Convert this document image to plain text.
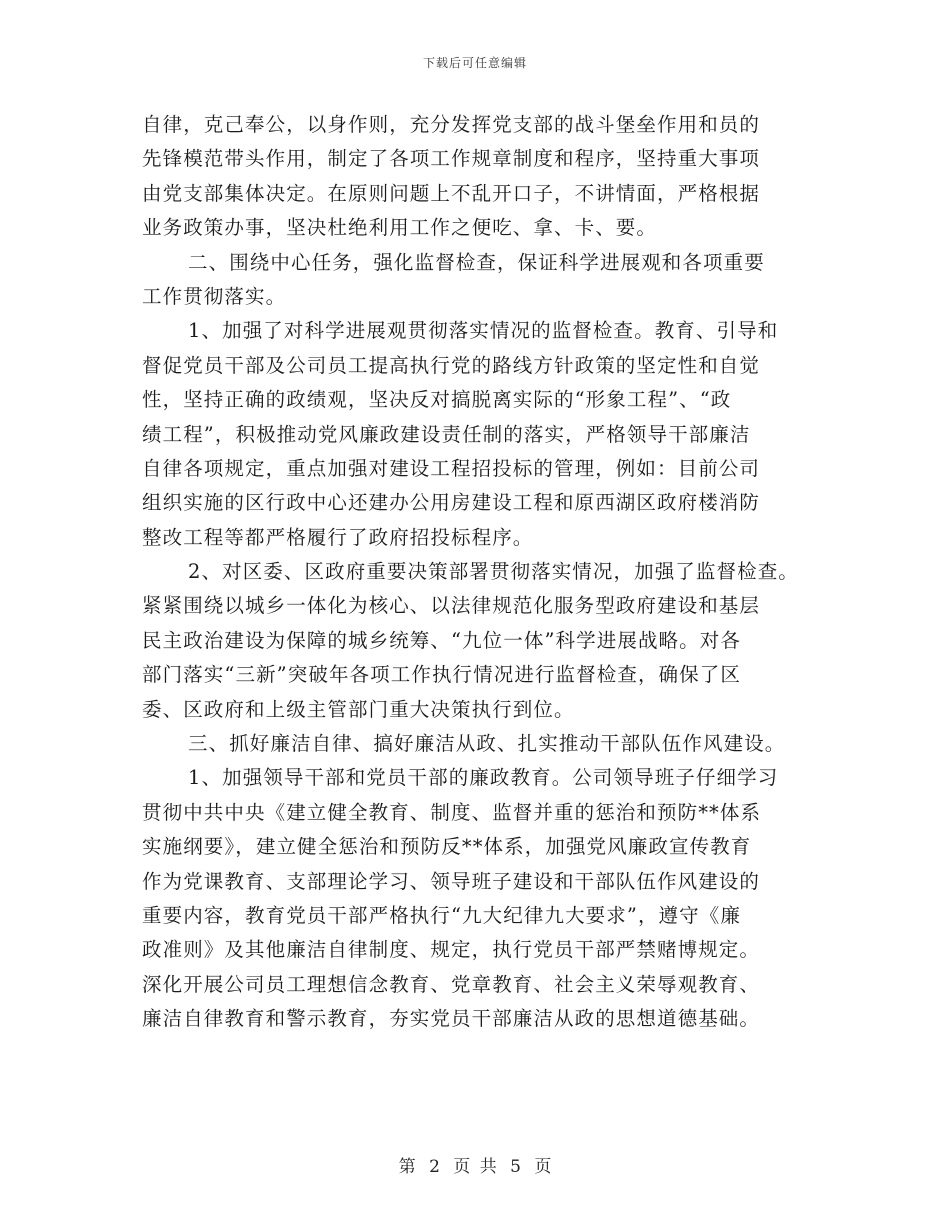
下载后可任意编辑
自律，克己奉公，以身作则，充分发挥党支部的战斗堡垒作用和员的
先锋模范带头作用，制定了各项工作规章制度和程序，坚持重大事项
由党支部集体决定。在原则问题上不乱开口子，不讲情面，严格根据
业务政策办事，坚决杜绝利用工作之便吃、拿、卡、要。
二、围绕中心任务，强化监督检查，保证科学进展观和各项重要
工作贯彻落实。
1、加强了对科学进展观贯彻落实情况的监督检查。教育、引导和
督促党员干部及公司员工提高执行党的路线方针政策的坚定性和自觉
性，坚持正确的政绩观，坚决反对搞脱离实际的“形象工程”、“政
绩工程”，积极推动党风廉政建设责任制的落实，严格领导干部廉洁
自律各项规定，重点加强对建设工程招投标的管理，例如：目前公司
组织实施的区行政中心还建办公用房建设工程和原西湖区政府楼消防
整改工程等都严格履行了政府招投标程序。
2、对区委、区政府重要决策部署贯彻落实情况，加强了监督检查。
紧紧围绕以城乡一体化为核心、以法律规范化服务型政府建设和基层
民主政治建设为保障的城乡统筹、“九位一体”科学进展战略。对各
部门落实“三新”突破年各项工作执行情况进行监督检查，确保了区
委、区政府和上级主管部门重大决策执行到位。
三、抓好廉洁自律、搞好廉洁从政、扎实推动干部队伍作风建设。
1、加强领导干部和党员干部的廉政教育。公司领导班子仔细学习
贯彻中共中央《建立健全教育、制度、监督并重的惩治和预防**体系
实施纲要》，建立健全惩治和预防反**体系，加强党风廉政宣传教育
作为党课教育、支部理论学习、领导班子建设和干部队伍作风建设的
重要内容，教育党员干部严格执行“九大纪律九大要求”，遵守《廉
政准则》及其他廉洁自律制度、规定，执行党员干部严禁赌博规定。
深化开展公司员工理想信念教育、党章教育、社会主义荣辱观教育、
廉洁自律教育和警示教育，夯实党员干部廉洁从政的思想道德基础。
第 2 页 共 5 页
